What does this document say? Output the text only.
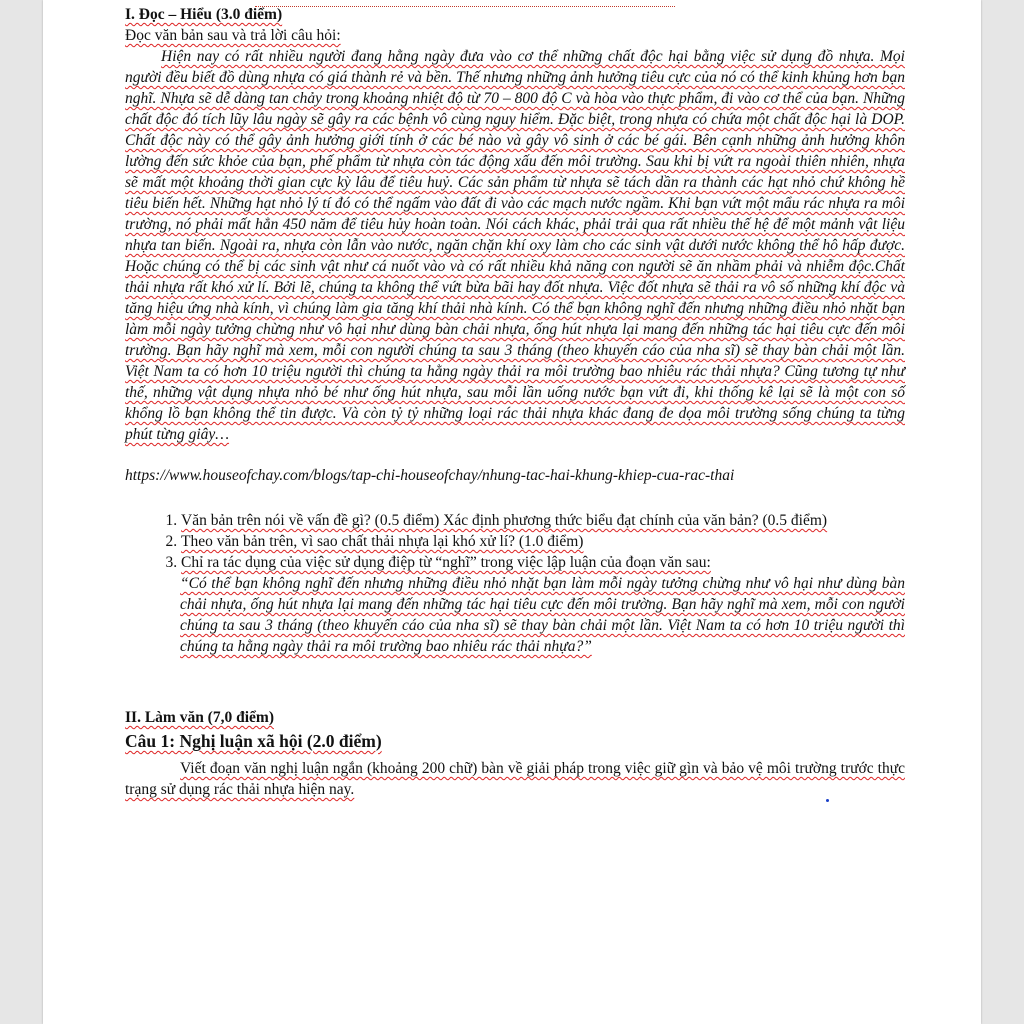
I. Đọc – Hiểu (3.0 điểm)

Đọc văn bản sau và trả lời câu hỏi:

Hiện nay có rất nhiều người đang hằng ngày đưa vào cơ thể những chất độc hại bằng việc sử dụng đồ nhựa. Mọi người đều biết đồ dùng nhựa có giá thành rẻ và bền. Thế nhưng những ảnh hưởng tiêu cực của nó có thể kinh khủng hơn bạn nghĩ. Nhựa sẽ dễ dàng tan chảy trong khoảng nhiệt độ từ 70 – 800 độ C và hòa vào thực phẩm, đi vào cơ thể của bạn. Những chất độc đó tích lũy lâu ngày sẽ gây ra các bệnh vô cùng nguy hiểm. Đặc biệt, trong nhựa có chứa một chất độc hại là DOP. Chất độc này có thể gây ảnh hưởng giới tính ở các bé nào và gây vô sinh ở các bé gái. Bên cạnh những ảnh hưởng khôn lường đến sức khỏe của bạn, phế phẩm từ nhựa còn tác động xấu đến môi trường. Sau khi bị vứt ra ngoài thiên nhiên, nhựa sẽ mất một khoảng thời gian cực kỳ lâu để tiêu huỷ. Các sản phẩm từ nhựa sẽ tách dần ra thành các hạt nhỏ chứ không hề tiêu biến hết. Những hạt nhỏ lý tí đó có thể ngấm vào đất đi vào các mạch nước ngầm. Khi bạn vứt một mẩu rác nhựa ra môi trường, nó phải mất hẳn 450 năm để tiêu hủy hoàn toàn. Nói cách khác, phải trải qua rất nhiều thế hệ để một mảnh vật liệu nhựa tan biến. Ngoài ra, nhựa còn lẫn vào nước, ngăn chặn khí oxy làm cho các sinh vật dưới nước không thể hô hấp được. Hoặc chúng có thể bị các sinh vật như cá nuốt vào và có rất nhiều khả năng con người sẽ ăn nhầm phải và nhiễm độc.Chất thải nhựa rất khó xử lí. Bởi lẽ, chúng ta không thể vứt bừa bãi hay đốt nhựa. Việc đốt nhựa sẽ thải ra vô số những khí độc và tăng hiệu ứng nhà kính, vì chúng làm gia tăng khí thải nhà kính. Có thể bạn không nghĩ đến nhưng những điều nhỏ nhặt bạn làm mỗi ngày tưởng chừng như vô hại như dùng bàn chải nhựa, ống hút nhựa lại mang đến những tác hại tiêu cực đến môi trường. Bạn hãy nghĩ mà xem, mỗi con người chúng ta sau 3 tháng (theo khuyến cáo của nha sĩ) sẽ thay bàn chải một lần. Việt Nam ta có hơn 10 triệu người thì chúng ta hằng ngày thải ra môi trường bao nhiêu rác thải nhựa? Cũng tương tự như thế, những vật dụng nhựa nhỏ bé như ống hút nhựa, sau mỗi lần uống nước bạn vứt đi, khi thống kê lại sẽ là một con số khổng lồ bạn không thể tin được. Và còn tỷ tỷ những loại rác thải nhựa khác đang đe dọa môi trường sống chúng ta từng phút từng giây…

https://www.houseofchay.com/blogs/tap-chi-houseofchay/nhung-tac-hai-khung-khiep-cua-rac-thai

1. Văn bản trên nói về vấn đề gì? (0.5 điểm) Xác định phương thức biểu đạt chính của văn bản? (0.5 điểm)
2. Theo văn bản trên, vì sao chất thải nhựa lại khó xử lí? (1.0 điểm)
3. Chỉ ra tác dụng của việc sử dụng điệp từ “nghĩ” trong việc lập luận của đoạn văn sau:

“Có thể bạn không nghĩ đến nhưng những điều nhỏ nhặt bạn làm mỗi ngày tưởng chừng như vô hại như dùng bàn chải nhựa, ống hút nhựa lại mang đến những tác hại tiêu cực đến môi trường. Bạn hãy nghĩ mà xem, mỗi con người chúng ta sau 3 tháng (theo khuyến cáo của nha sĩ) sẽ thay bàn chải một lần. Việt Nam ta có hơn 10 triệu người thì chúng ta hằng ngày thải ra môi trường bao nhiêu rác thải nhựa?”

II. Làm văn (7,0 điểm)

Câu 1: Nghị luận xã hội (2.0 điểm)

Viết đoạn văn nghị luận ngắn (khoảng 200 chữ) bàn về giải pháp trong việc giữ gìn và bảo vệ môi trường trước thực trạng sử dụng rác thải nhựa hiện nay.
